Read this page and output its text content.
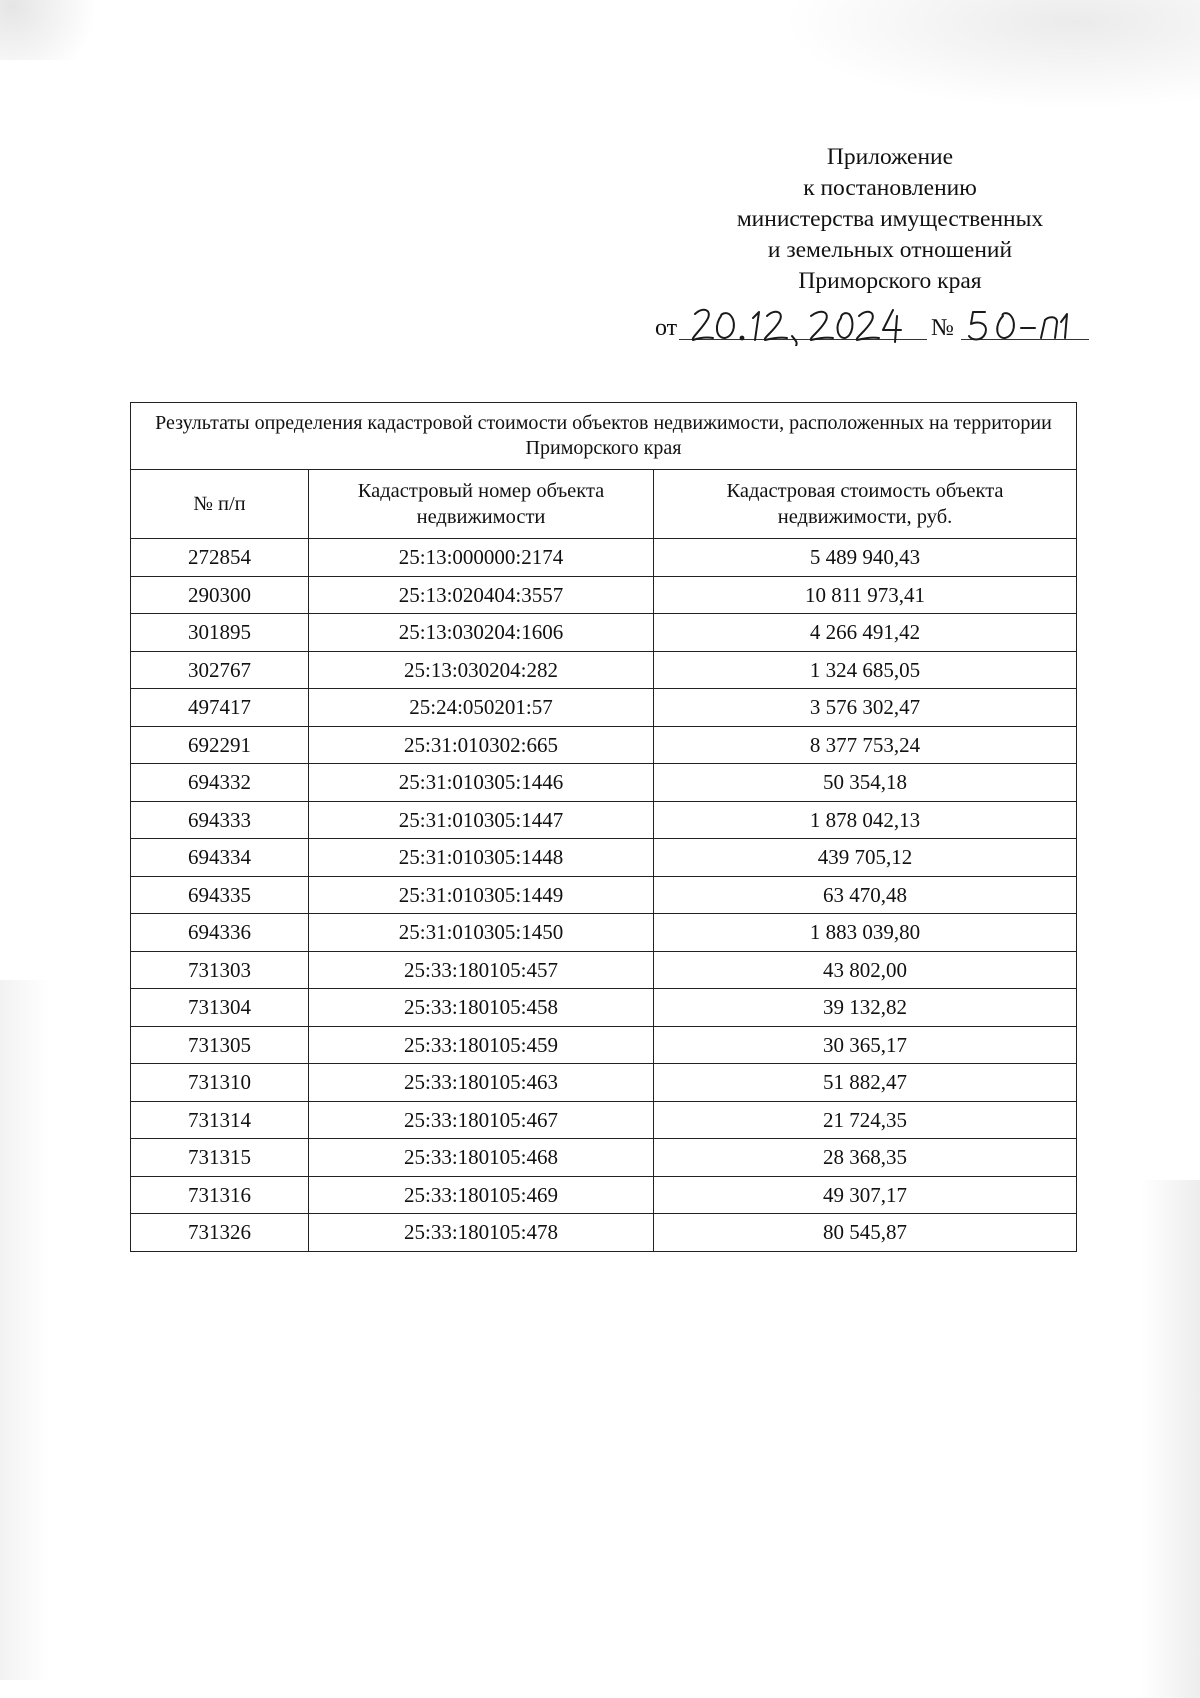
Приложение
к постановлению
министерства имущественных
и земельных отношений
Приморского края
от	№
Результаты определения кадастровой стоимости объектов недвижимости, расположенных на территории Приморского края		
№ п/п	Кадастровый номер объекта недвижимости	Кадастровая стоимость объекта недвижимости, руб.
272854	25:13:000000:2174	5 489 940,43
290300	25:13:020404:3557	10 811 973,41
301895	25:13:030204:1606	4 266 491,42
302767	25:13:030204:282	1 324 685,05
497417	25:24:050201:57	3 576 302,47
692291	25:31:010302:665	8 377 753,24
694332	25:31:010305:1446	50 354,18
694333	25:31:010305:1447	1 878 042,13
694334	25:31:010305:1448	439 705,12
694335	25:31:010305:1449	63 470,48
694336	25:31:010305:1450	1 883 039,80
731303	25:33:180105:457	43 802,00
731304	25:33:180105:458	39 132,82
731305	25:33:180105:459	30 365,17
731310	25:33:180105:463	51 882,47
731314	25:33:180105:467	21 724,35
731315	25:33:180105:468	28 368,35
731316	25:33:180105:469	49 307,17
731326	25:33:180105:478	80 545,87
